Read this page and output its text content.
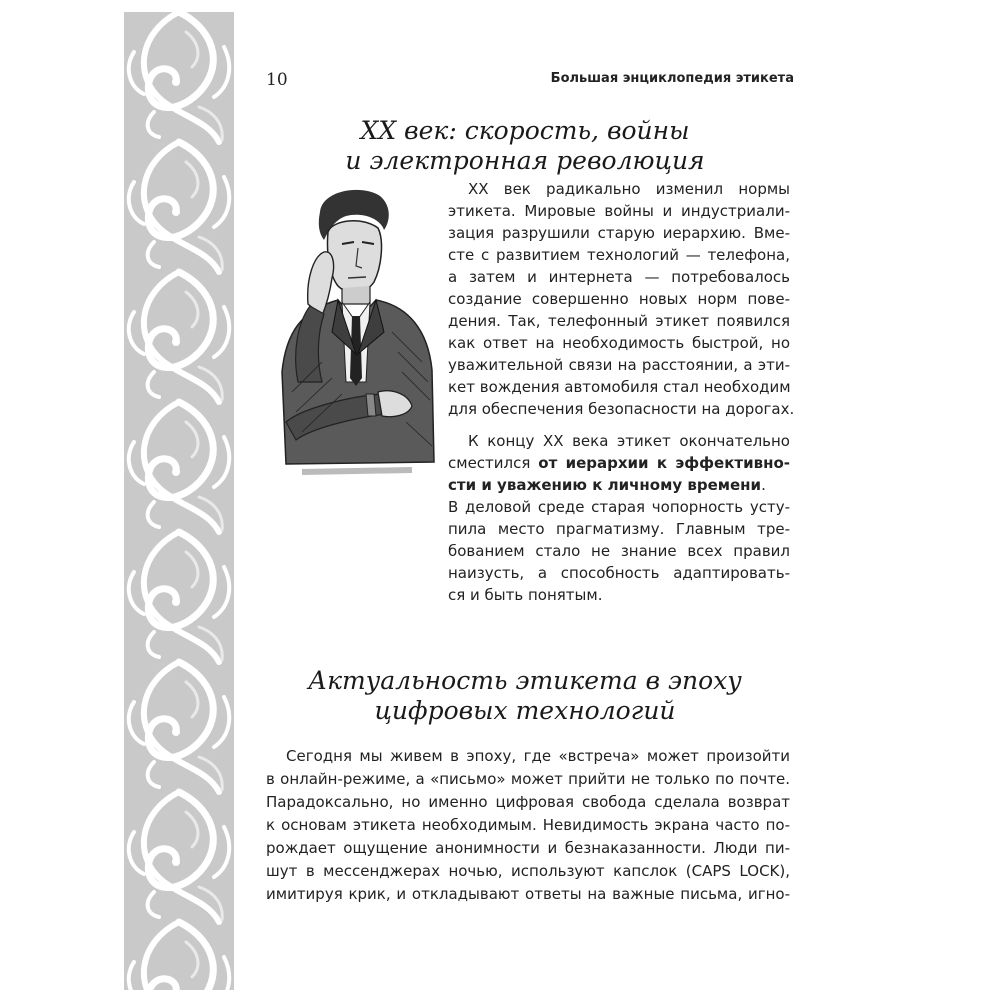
10	Большая энциклопедия этикета
XX век: скорость, войны
и электронная революция
XX век радикально изменил нормы
этикета. Мировые войны и индустриали-
зация разрушили старую иерархию. Вме-
сте с развитием технологий — телефона,
а затем и интернета — потребовалось
создание совершенно новых норм пове-
дения. Так, телефонный этикет появился
как ответ на необходимость быстрой, но
уважительной связи на расстоянии, а эти-
кет вождения автомобиля стал необходим
для обеспечения безопасности на дорогах.
К концу XX века этикет окончательно
сместился от иерархии к эффективно-
сти и уважению к личному времени.
В деловой среде старая чопорность усту-
пила место прагматизму. Главным тре-
бованием стало не знание всех правил
наизусть, а способность адаптировать-
ся и быть понятым.
Актуальность этикета в эпоху
цифровых технологий
Сегодня мы живем в эпоху, где «встреча» может произойти
в онлайн-режиме, а «письмо» может прийти не только по почте.
Парадоксально, но именно цифровая свобода сделала возврат
к основам этикета необходимым. Невидимость экрана часто по-
рождает ощущение анонимности и безнаказанности. Люди пи-
шут в мессенджерах ночью, используют капслок (CAPS LOCK),
имитируя крик, и откладывают ответы на важные письма, игно-
